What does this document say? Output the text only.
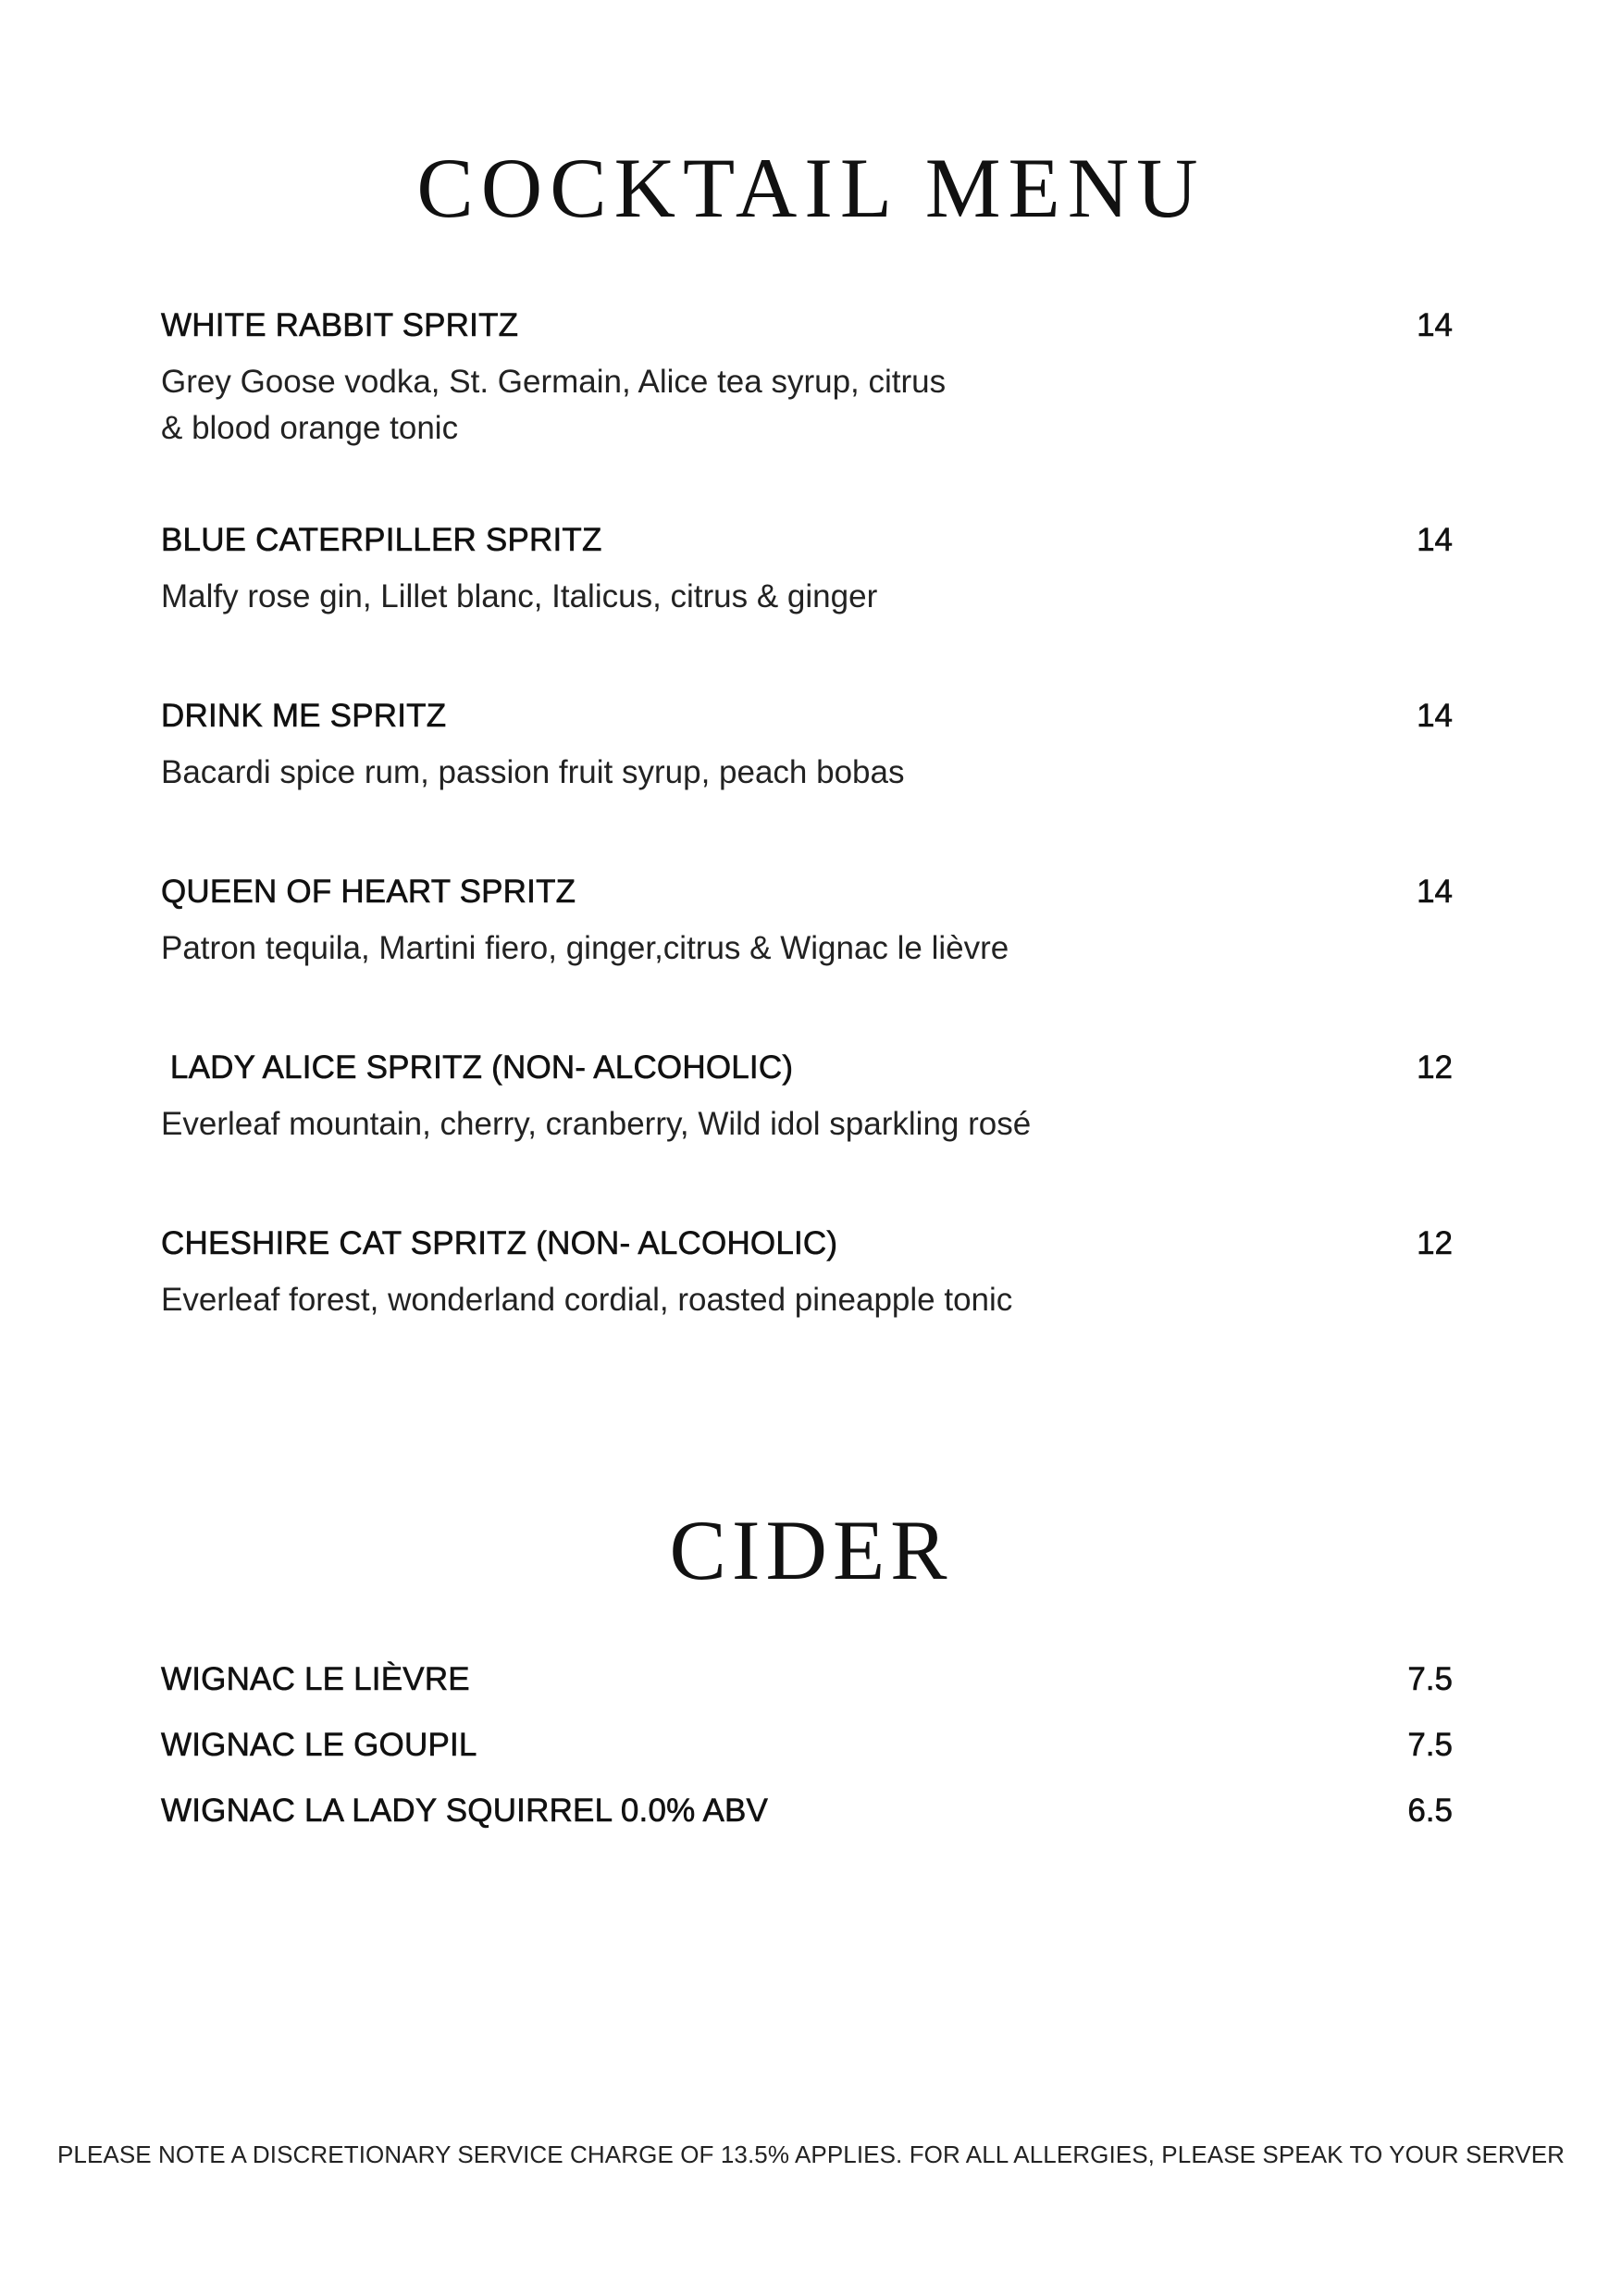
COCKTAIL MENU
WHITE RABBIT SPRITZ	14
Grey Goose vodka, St. Germain, Alice tea syrup, citrus
& blood orange tonic
BLUE CATERPILLER SPRITZ	14
Malfy rose gin, Lillet blanc, Italicus, citrus & ginger
DRINK ME SPRITZ	14
Bacardi spice rum, passion fruit syrup, peach bobas
QUEEN OF HEART SPRITZ	14
Patron tequila, Martini fiero, ginger,citrus & Wignac le lièvre
LADY ALICE SPRITZ (NON- ALCOHOLIC)	12
Everleaf mountain, cherry, cranberry, Wild idol sparkling rosé
CHESHIRE CAT SPRITZ (NON- ALCOHOLIC)	12
Everleaf forest, wonderland cordial, roasted pineapple tonic
CIDER
WIGNAC LE LIÈVRE	7.5
WIGNAC LE GOUPIL	7.5
WIGNAC LA LADY SQUIRREL 0.0% ABV	6.5
PLEASE NOTE A DISCRETIONARY SERVICE CHARGE OF 13.5% APPLIES. FOR ALL ALLERGIES, PLEASE SPEAK TO YOUR SERVER
